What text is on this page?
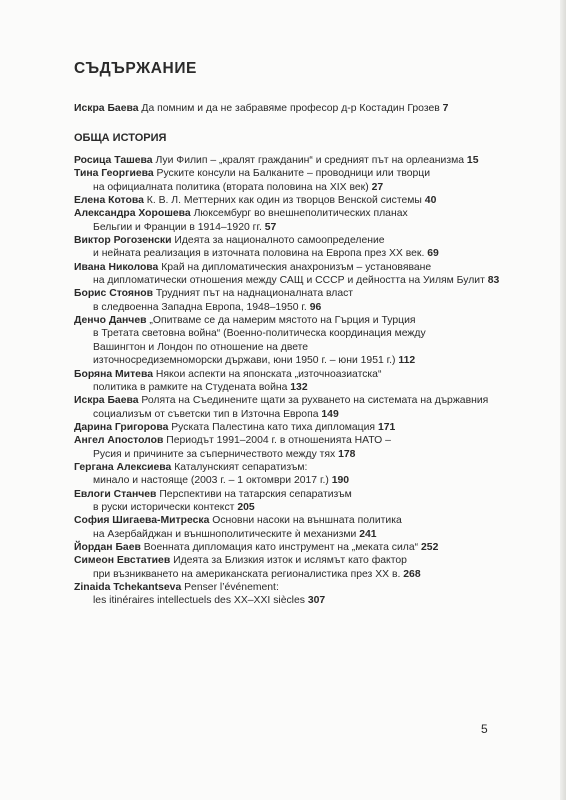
СЪДЪРЖАНИЕ

Искра Баева Да помним и да не забравяме професор д-р Костадин Грозев 7

ОБЩА ИСТОРИЯ
Росица Ташева Луи Филип – „кралят гражданин“ и средният път на орлеанизма 15
Тина Георгиева Руските консули на Балканите – проводници или творци
на официалната политика (втората половина на XIX век) 27
Елена Котова К. В. Л. Меттерних как один из творцов Венской системы 40
Александра Хорошева Люксембург во внешнеполитических планах
Бельгии и Франции в 1914–1920 гг. 57
Виктор Рогозенски Идеята за националното самоопределение
и нейната реализация в източната половина на Европа през XX век. 69
Ивана Николова Край на дипломатическия анахронизъм – установяване
на дипломатически отношения между САЩ и СССР и дейността на Уилям Булит 83
Борис Стоянов Трудният път на наднационалната власт
в следвоенна Западна Европа, 1948–1950 г. 96
Денчо Данчев „Опитваме се да намерим мястото на Гърция и Турция
в Третата световна война“ (Военно-политическа координация между
Вашингтон и Лондон по отношение на двете
източносредиземноморски държави, юни 1950 г. – юни 1951 г.) 112
Боряна Митева Някои аспекти на японската „източноазиатска“
политика в рамките на Студената война 132
Искра Баева Ролята на Съединените щати за рухването на системата на държавния
социализъм от съветски тип в Източна Европа 149
Дарина Григорова Руската Палестина като тиха дипломация 171
Ангел Апостолов Периодът 1991–2004 г. в отношенията НАТО –
Русия и причините за съперничеството между тях 178
Гергана Алексиева Каталунският сепаратизъм:
минало и настояще (2003 г. – 1 октомври 2017 г.) 190
Евлоги Станчев Перспективи на татарския сепаратизъм
в руски исторически контекст 205
София Шигаева-Митреска Основни насоки на външната политика
на Азербайджан и външнополитическите ѝ механизми 241
Йордан Баев Военната дипломация като инструмент на „меката сила“ 252
Симеон Евстатиев Идеята за Близкия изток и ислямът като фактор
при възникването на американската регионалистика през XX в. 268
Zinaida Tchekantseva Penser l’événement:
les itinéraires intellectuels des XX–XXI siècles 307

5
